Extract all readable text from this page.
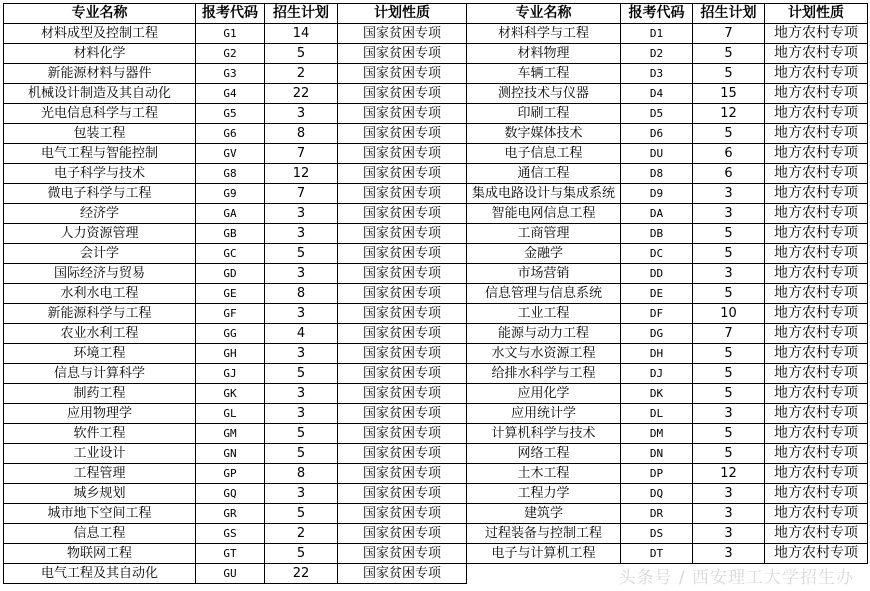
专业名称	报考代码	招生计划	计划性质	专业名称	报考代码	招生计划	计划性质
材料成型及控制工程	G1	14	国家贫困专项	材料科学与工程	D1	7	地方农村专项
材料化学	G2	5	国家贫困专项	材料物理	D2	5	地方农村专项
新能源材料与器件	G3	2	国家贫困专项	车辆工程	D3	5	地方农村专项
机械设计制造及其自动化	G4	22	国家贫困专项	测控技术与仪器	D4	15	地方农村专项
光电信息科学与工程	G5	3	国家贫困专项	印刷工程	D5	12	地方农村专项
包装工程	G6	8	国家贫困专项	数字媒体技术	D6	5	地方农村专项
电气工程与智能控制	GV	7	国家贫困专项	电子信息工程	DU	6	地方农村专项
电子科学与技术	G8	12	国家贫困专项	通信工程	D8	6	地方农村专项
微电子科学与工程	G9	7	国家贫困专项	集成电路设计与集成系统	D9	3	地方农村专项
经济学	GA	3	国家贫困专项	智能电网信息工程	DA	3	地方农村专项
人力资源管理	GB	3	国家贫困专项	工商管理	DB	5	地方农村专项
会计学	GC	5	国家贫困专项	金融学	DC	5	地方农村专项
国际经济与贸易	GD	3	国家贫困专项	市场营销	DD	3	地方农村专项
水利水电工程	GE	8	国家贫困专项	信息管理与信息系统	DE	5	地方农村专项
新能源科学与工程	GF	3	国家贫困专项	工业工程	DF	10	地方农村专项
农业水利工程	GG	4	国家贫困专项	能源与动力工程	DG	7	地方农村专项
环境工程	GH	3	国家贫困专项	水文与水资源工程	DH	5	地方农村专项
信息与计算科学	GJ	5	国家贫困专项	给排水科学与工程	DJ	5	地方农村专项
制药工程	GK	3	国家贫困专项	应用化学	DK	5	地方农村专项
应用物理学	GL	3	国家贫困专项	应用统计学	DL	3	地方农村专项
软件工程	GM	5	国家贫困专项	计算机科学与技术	DM	5	地方农村专项
工业设计	GN	5	国家贫困专项	网络工程	DN	5	地方农村专项
工程管理	GP	8	国家贫困专项	土木工程	DP	12	地方农村专项
城乡规划	GQ	3	国家贫困专项	工程力学	DQ	3	地方农村专项
城市地下空间工程	GR	5	国家贫困专项	建筑学	DR	3	地方农村专项
信息工程	GS	2	国家贫困专项	过程装备与控制工程	DS	3	地方农村专项
物联网工程	GT	5	国家贫困专项	电子与计算机工程	DT	3	地方农村专项
电气工程及其自动化	GU	22	国家贫困专项					头条号 / 西安理工大学招生办
